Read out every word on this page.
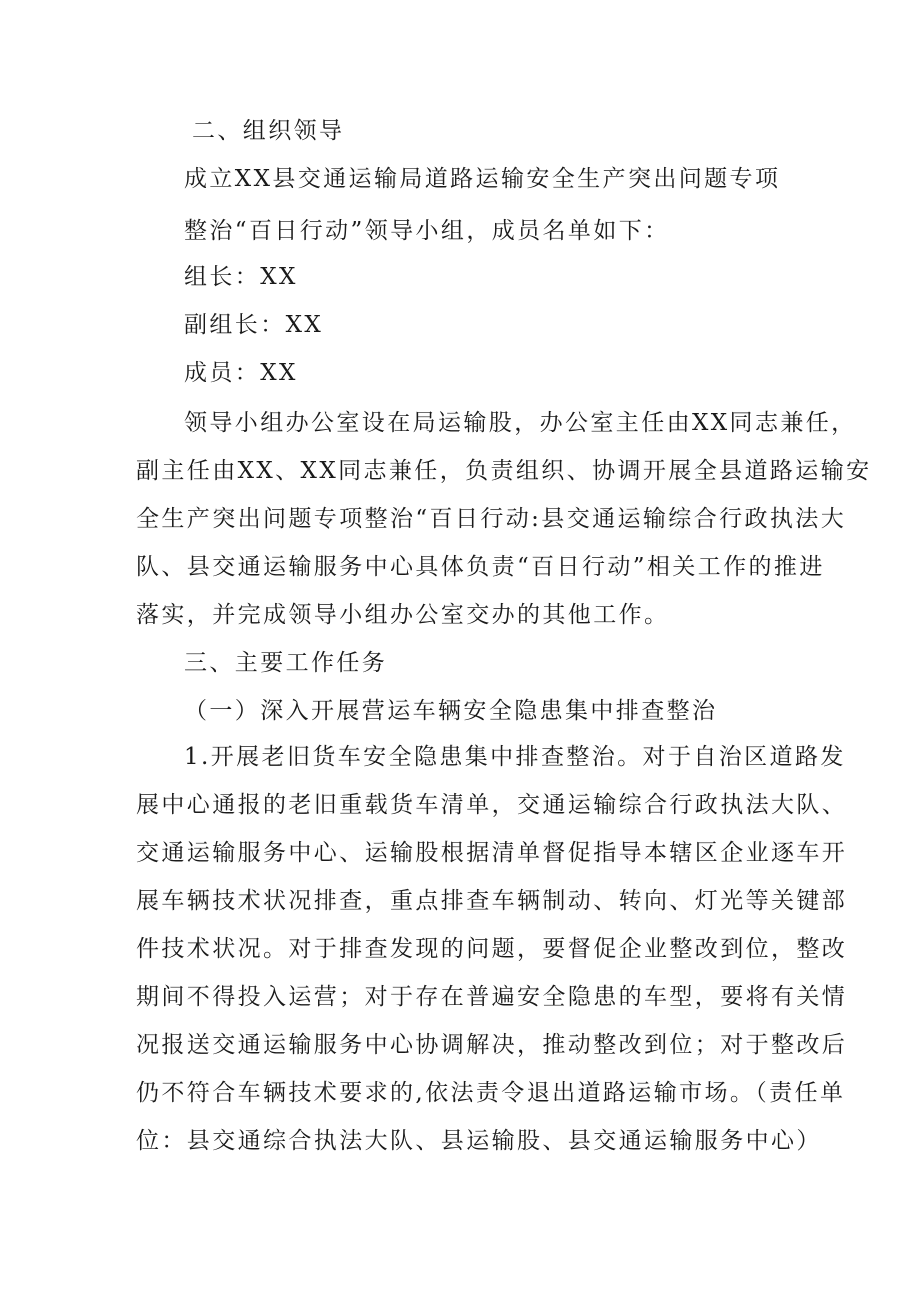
二、组织领导
成立XX县交通运输局道路运输安全生产突出问题专项
整治“百日行动”领导小组，成员名单如下：
组长：XX
副组长：XX
成员：XX
领导小组办公室设在局运输股，办公室主任由XX同志兼任，
副主任由XX、XX同志兼任，负责组织、协调开展全县道路运输安
全生产突出问题专项整治“百日行动:县交通运输综合行政执法大
队、县交通运输服务中心具体负责“百日行动”相关工作的推进
落实，并完成领导小组办公室交办的其他工作。
三、主要工作任务
（一）深入开展营运车辆安全隐患集中排查整治
1.开展老旧货车安全隐患集中排查整治。对于自治区道路发
展中心通报的老旧重载货车清单，交通运输综合行政执法大队、
交通运输服务中心、运输股根据清单督促指导本辖区企业逐车开
展车辆技术状况排查，重点排查车辆制动、转向、灯光等关键部
件技术状况。对于排查发现的问题，要督促企业整改到位，整改
期间不得投入运营；对于存在普遍安全隐患的车型，要将有关情
况报送交通运输服务中心协调解决，推动整改到位；对于整改后
仍不符合车辆技术要求的,依法责令退出道路运输市场。（责任单
位：县交通综合执法大队、县运输股、县交通运输服务中心）
